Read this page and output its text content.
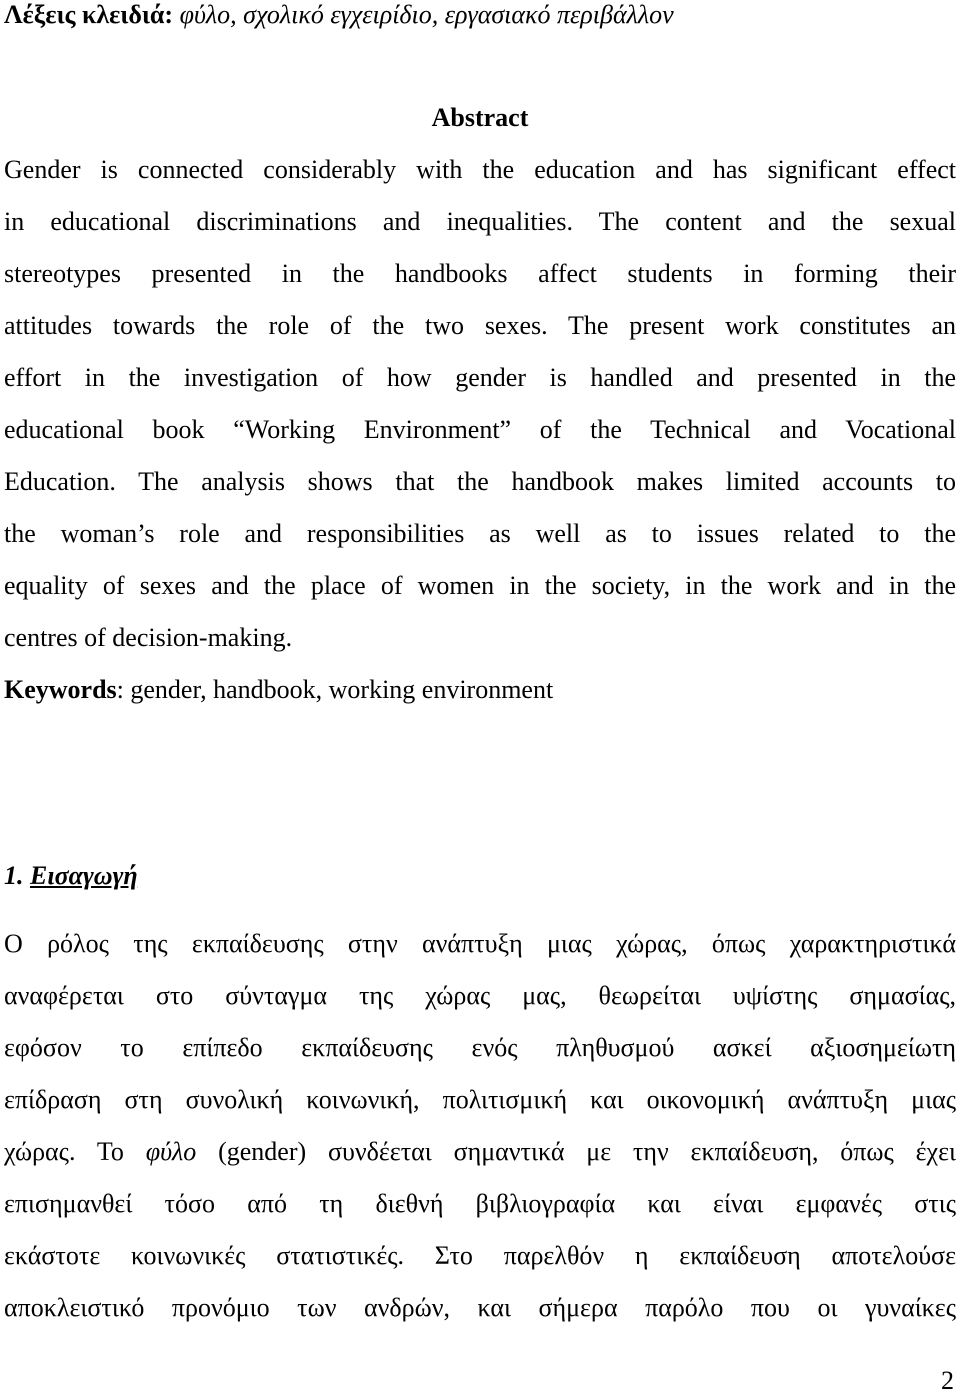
Λέξεις κλειδιά: φύλο, σχολικό εγχειρίδιο, εργασιακό περιβάλλον
Abstract
Gender is connected considerably with the education and has significant effect
in educational discriminations and inequalities. The content and the sexual
stereotypes presented in the handbooks affect students in forming their
attitudes towards the role of the two sexes. The present work constitutes an
effort in the investigation of how gender is handled and presented in the
educational book “Working Environment” of the Technical and Vocational
Education. The analysis shows that the handbook makes limited accounts to
the woman’s role and responsibilities as well as to issues related to the
equality of sexes and the place of women in the society, in the work and in the
centres of decision-making.
Keywords: gender, handbook, working environment
1. Εισαγωγή
Ο ρόλος της εκπαίδευσης στην ανάπτυξη μιας χώρας, όπως χαρακτηριστικά
αναφέρεται στο σύνταγμα της χώρας μας, θεωρείται υψίστης σημασίας,
εφόσον το επίπεδο εκπαίδευσης ενός πληθυσμού ασκεί αξιοσημείωτη
επίδραση στη συνολική κοινωνική, πολιτισμική και οικονομική ανάπτυξη μιας
χώρας. Το φύλο (gender) συνδέεται σημαντικά με την εκπαίδευση, όπως έχει
επισημανθεί τόσο από τη διεθνή βιβλιογραφία και είναι εμφανές στις
εκάστοτε κοινωνικές στατιστικές. Στο παρελθόν η εκπαίδευση αποτελούσε
αποκλειστικό προνόμιο των ανδρών, και σήμερα παρόλο που οι γυναίκες
2
